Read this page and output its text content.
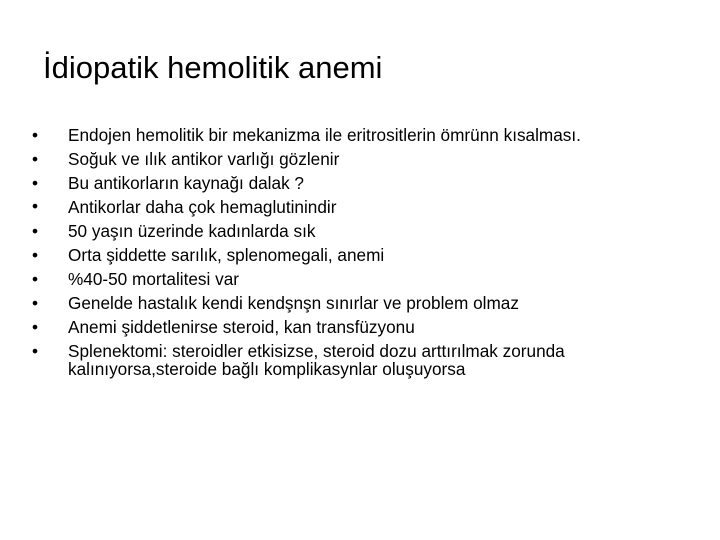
İdiopatik hemolitik anemi
•	Endojen hemolitik bir mekanizma ile eritrositlerin ömrünn kısalması.
•	Soğuk ve ılık antikor varlığı gözlenir
•	Bu antikorların kaynağı dalak ?
•	Antikorlar daha çok hemaglutinindir
•	50 yaşın üzerinde kadınlarda sık
•	Orta şiddette sarılık, splenomegali, anemi
•	%40-50 mortalitesi var
•	Genelde hastalık kendi kendşnşn sınırlar ve problem olmaz
•	Anemi şiddetlenirse steroid, kan transfüzyonu
•	Splenektomi: steroidler etkisizse, steroid dozu arttırılmak zorunda kalınıyorsa,steroide bağlı komplikasynlar oluşuyorsa
